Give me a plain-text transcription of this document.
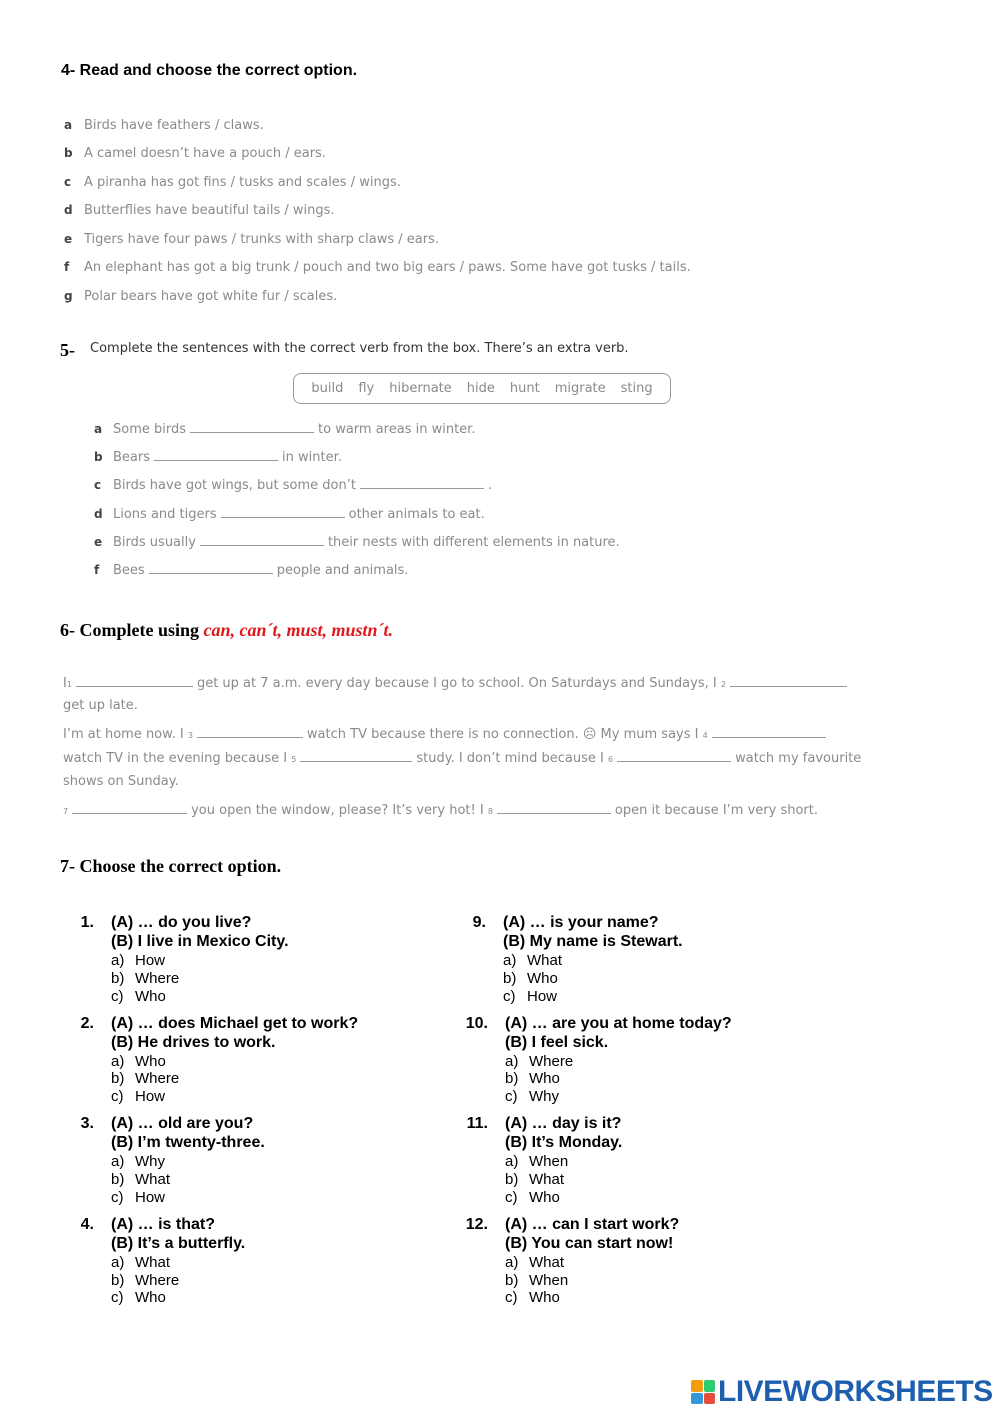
4- Read and choose the correct option.
a Birds have feathers / claws.
b A camel doesn’t have a pouch / ears.
c A piranha has got fins / tusks and scales / wings.
d Butterflies have beautiful tails / wings.
e Tigers have four paws / trunks with sharp claws / ears.
f An elephant has got a big trunk / pouch and two big ears / paws. Some have got tusks / tails.
g Polar bears have got white fur / scales.
5- Complete the sentences with the correct verb from the box. There’s an extra verb.
build fly hibernate hide hunt migrate sting
a Some birds	to warm areas in winter.
b Bears	in winter.
c Birds have got wings, but some don’t	.
d Lions and tigers	other animals to eat.
e Birds usually	their nests with different elements in nature.
f	Bees	people and animals.
6- Complete using can, can´t, must, mustn´t.
I 1	get up at 7 a.m. every day because I go to school. On Saturdays and Sundays, I
2
get up late.
I’m at home now. I
3	watch TV because there is no connection. ☹ My mum says I
4
watch TV in the evening because I
5	study. I don’t mind because I
6	watch my favourite
shows on Sunday.
7	you open the window, please? It’s very hot! I
8	open it because I’m very short.
7- Choose the correct option.
1. (A) … do you live?
(B) I live in Mexico City.
a) How
b) Where
c) Who
2. (A) … does Michael get to work?
(B) He drives to work.
a) Who
b) Where
c) How
3. (A) … old are you?
(B) I’m twenty-three.
a) Why
b) What
c) How
4. (A) … is that?
(B) It’s a butterfly.
a) What
b) Where
c) Who
9. (A) … is your name?
(B) My name is Stewart.
a) What
b) Who
c) How
10. (A) … are you at home today?
(B) I feel sick.
a) Where
b) Who
c) Why
11. (A) … day is it?
(B) It’s Monday.
a) When
b) What
c) Who
12. (A) … can I start work?
(B) You can start now!
a) What
b) When
c) Who
LIVEWORKSHEETS
